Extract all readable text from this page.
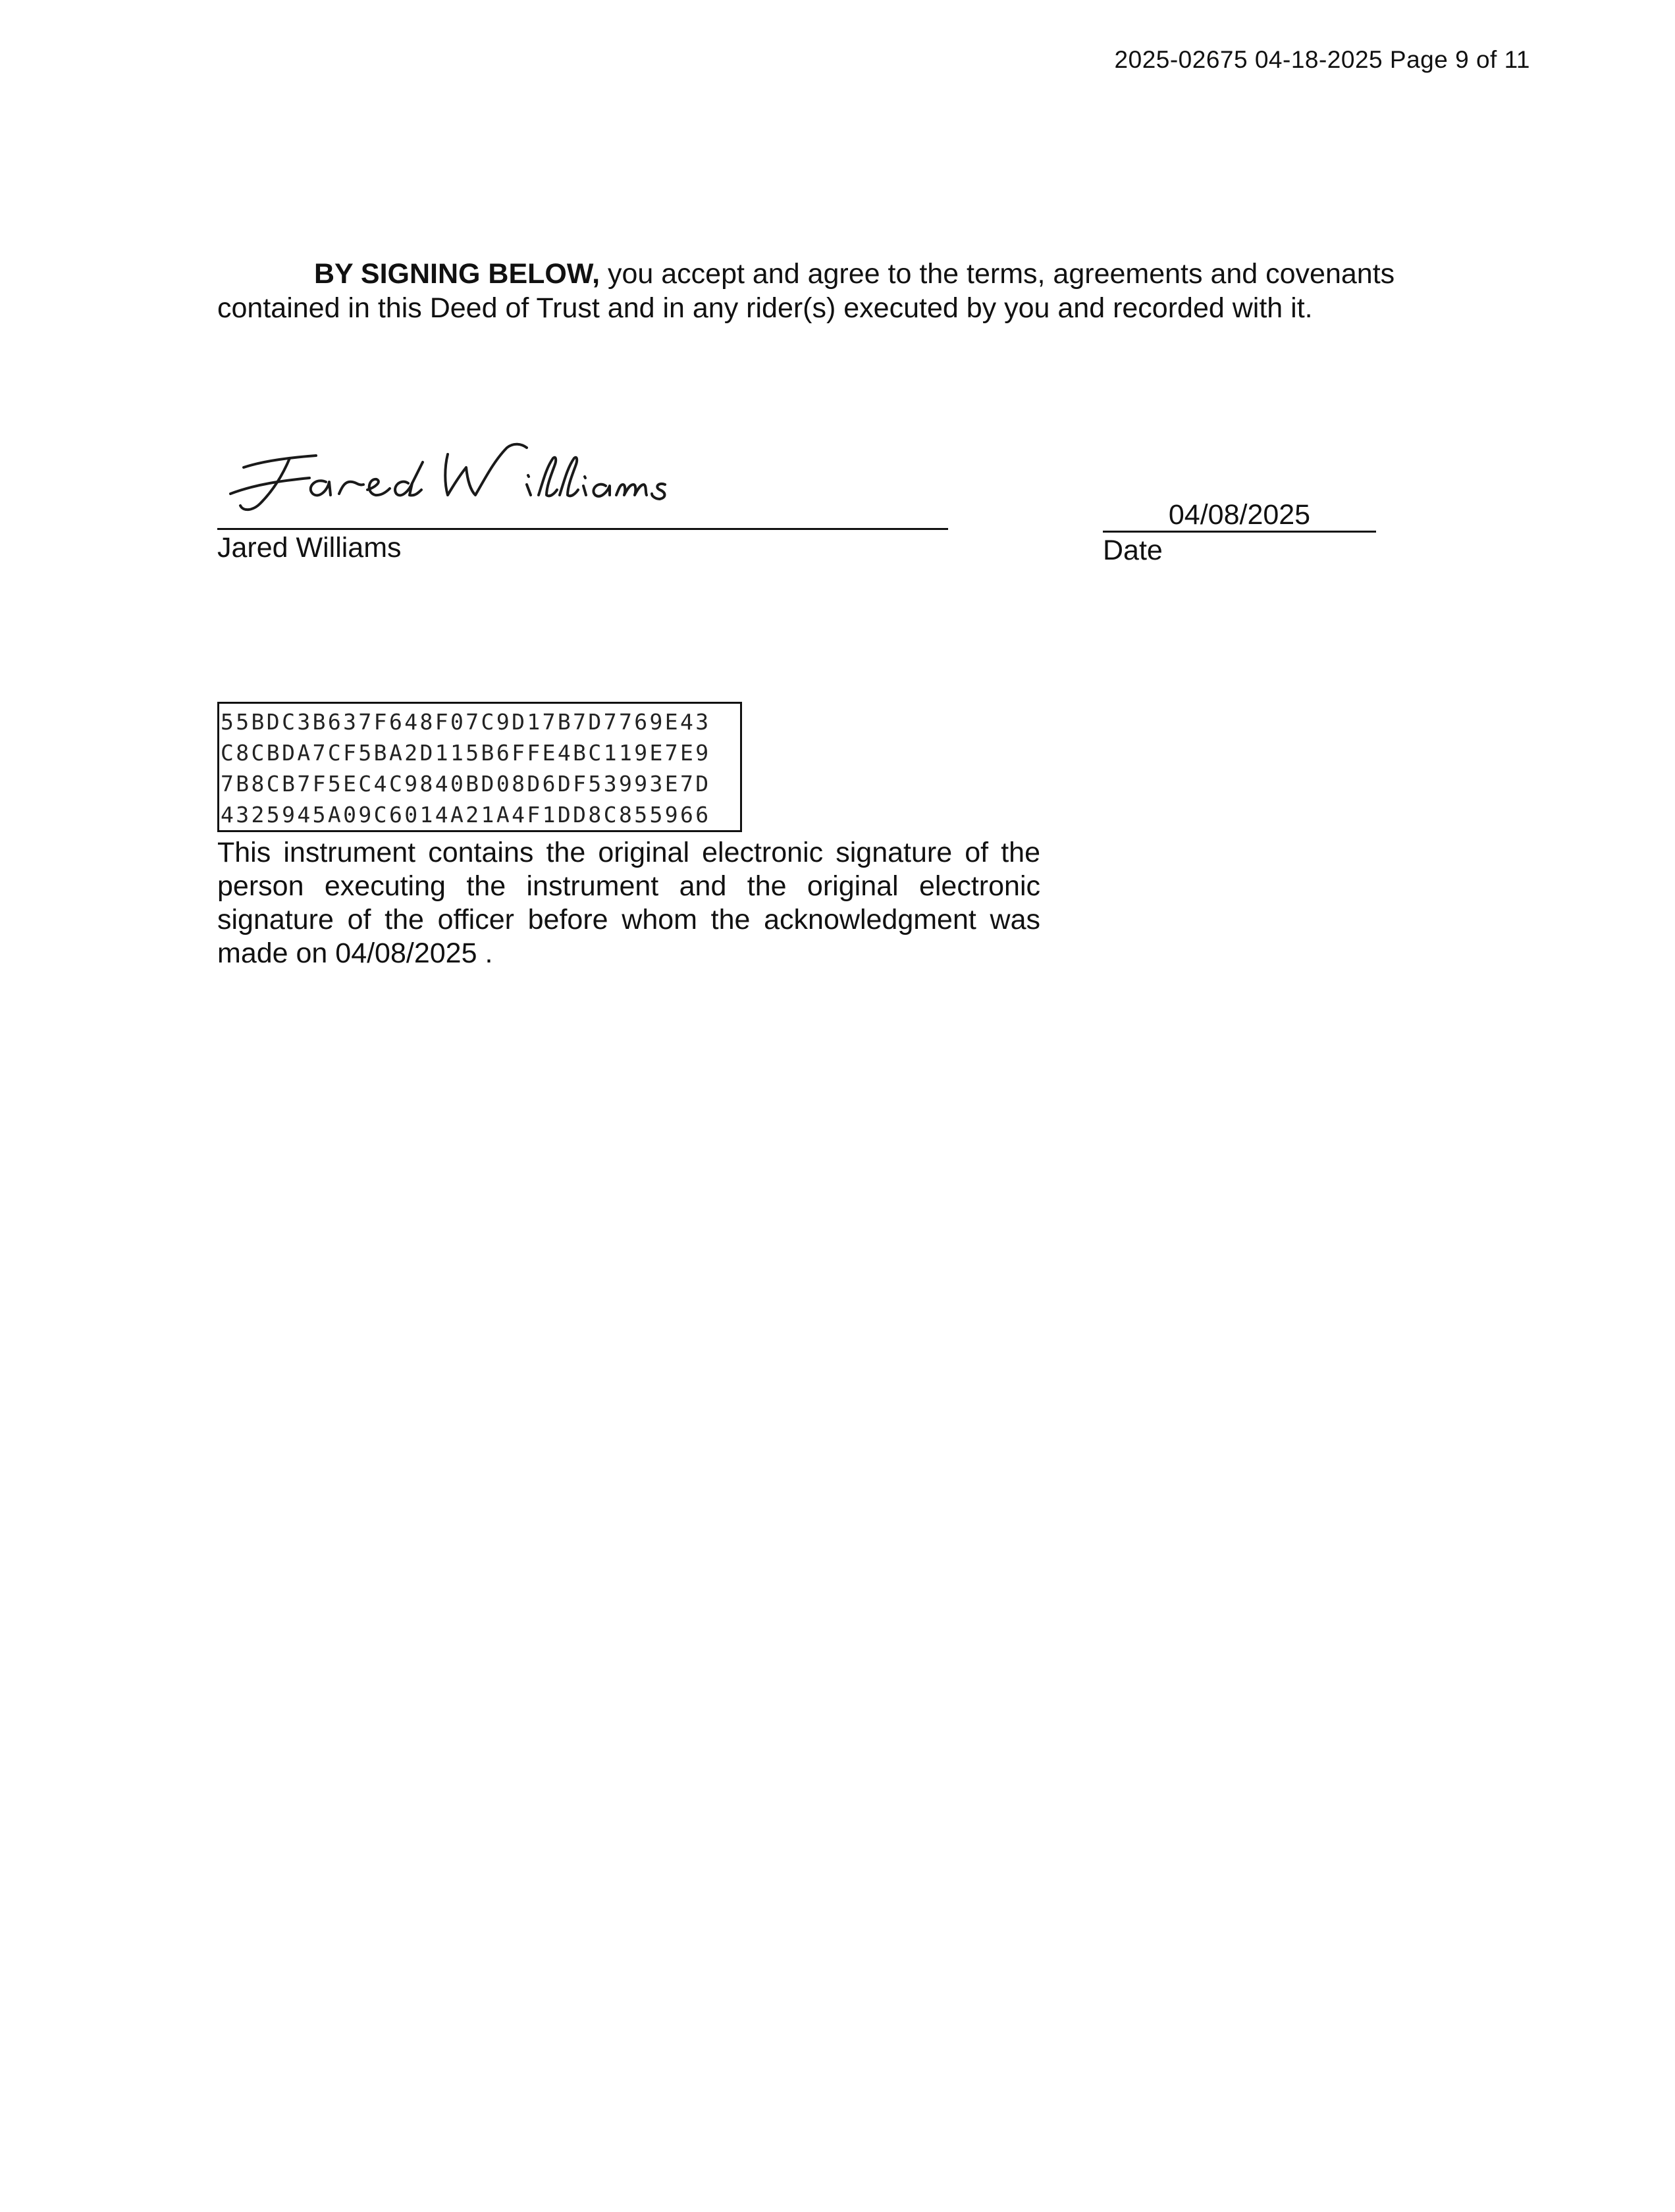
2025-02675 04-18-2025 Page 9 of 11
BY SIGNING BELOW, you accept and agree to the terms, agreements and covenants contained in this Deed of Trust and in any rider(s) executed by you and recorded with it.
Jared Williams
04/08/2025
Date
55BDC3B637F648F07C9D17B7D7769E43
C8CBDA7CF5BA2D115B6FFE4BC119E7E9
7B8CB7F5EC4C9840BD08D6DF53993E7D
4325945A09C6014A21A4F1DD8C855966
This instrument contains the original electronic signature of the person executing the instrument and the original electronic signature of the officer before whom the acknowledgment was made on 04/08/2025 .
